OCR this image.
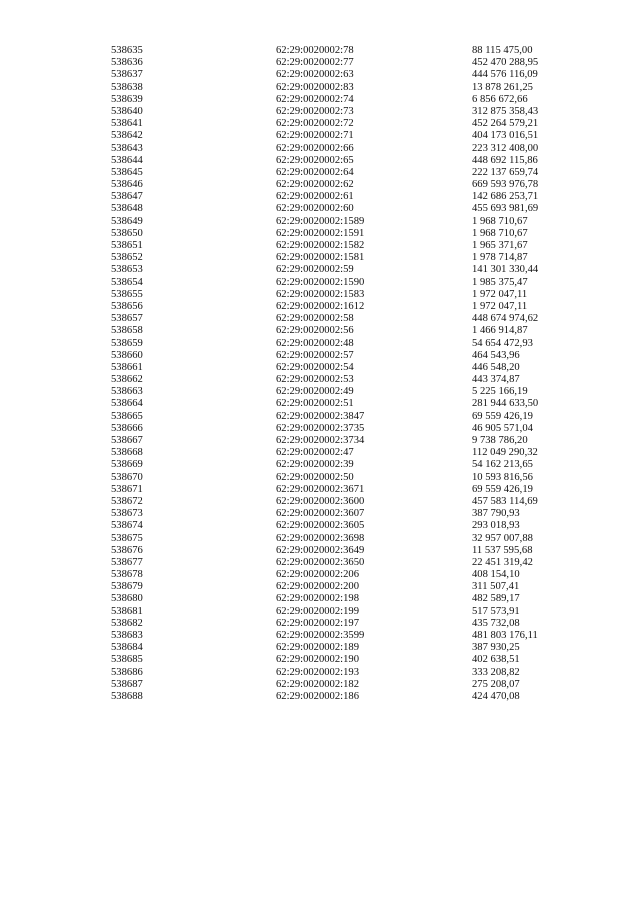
538635	62:29:0020002:78	88 115 475,00
538636	62:29:0020002:77	452 470 288,95
538637	62:29:0020002:63	444 576 116,09
538638	62:29:0020002:83	13 878 261,25
538639	62:29:0020002:74	6 856 672,66
538640	62:29:0020002:73	312 875 358,43
538641	62:29:0020002:72	452 264 579,21
538642	62:29:0020002:71	404 173 016,51
538643	62:29:0020002:66	223 312 408,00
538644	62:29:0020002:65	448 692 115,86
538645	62:29:0020002:64	222 137 659,74
538646	62:29:0020002:62	669 593 976,78
538647	62:29:0020002:61	142 686 253,71
538648	62:29:0020002:60	455 693 981,69
538649	62:29:0020002:1589	1 968 710,67
538650	62:29:0020002:1591	1 968 710,67
538651	62:29:0020002:1582	1 965 371,67
538652	62:29:0020002:1581	1 978 714,87
538653	62:29:0020002:59	141 301 330,44
538654	62:29:0020002:1590	1 985 375,47
538655	62:29:0020002:1583	1 972 047,11
538656	62:29:0020002:1612	1 972 047,11
538657	62:29:0020002:58	448 674 974,62
538658	62:29:0020002:56	1 466 914,87
538659	62:29:0020002:48	54 654 472,93
538660	62:29:0020002:57	464 543,96
538661	62:29:0020002:54	446 548,20
538662	62:29:0020002:53	443 374,87
538663	62:29:0020002:49	5 225 166,19
538664	62:29:0020002:51	281 944 633,50
538665	62:29:0020002:3847	69 559 426,19
538666	62:29:0020002:3735	46 905 571,04
538667	62:29:0020002:3734	9 738 786,20
538668	62:29:0020002:47	112 049 290,32
538669	62:29:0020002:39	54 162 213,65
538670	62:29:0020002:50	10 593 816,56
538671	62:29:0020002:3671	69 559 426,19
538672	62:29:0020002:3600	457 583 114,69
538673	62:29:0020002:3607	387 790,93
538674	62:29:0020002:3605	293 018,93
538675	62:29:0020002:3698	32 957 007,88
538676	62:29:0020002:3649	11 537 595,68
538677	62:29:0020002:3650	22 451 319,42
538678	62:29:0020002:206	408 154,10
538679	62:29:0020002:200	311 507,41
538680	62:29:0020002:198	482 589,17
538681	62:29:0020002:199	517 573,91
538682	62:29:0020002:197	435 732,08
538683	62:29:0020002:3599	481 803 176,11
538684	62:29:0020002:189	387 930,25
538685	62:29:0020002:190	402 638,51
538686	62:29:0020002:193	333 208,82
538687	62:29:0020002:182	275 208,07
538688	62:29:0020002:186	424 470,08
